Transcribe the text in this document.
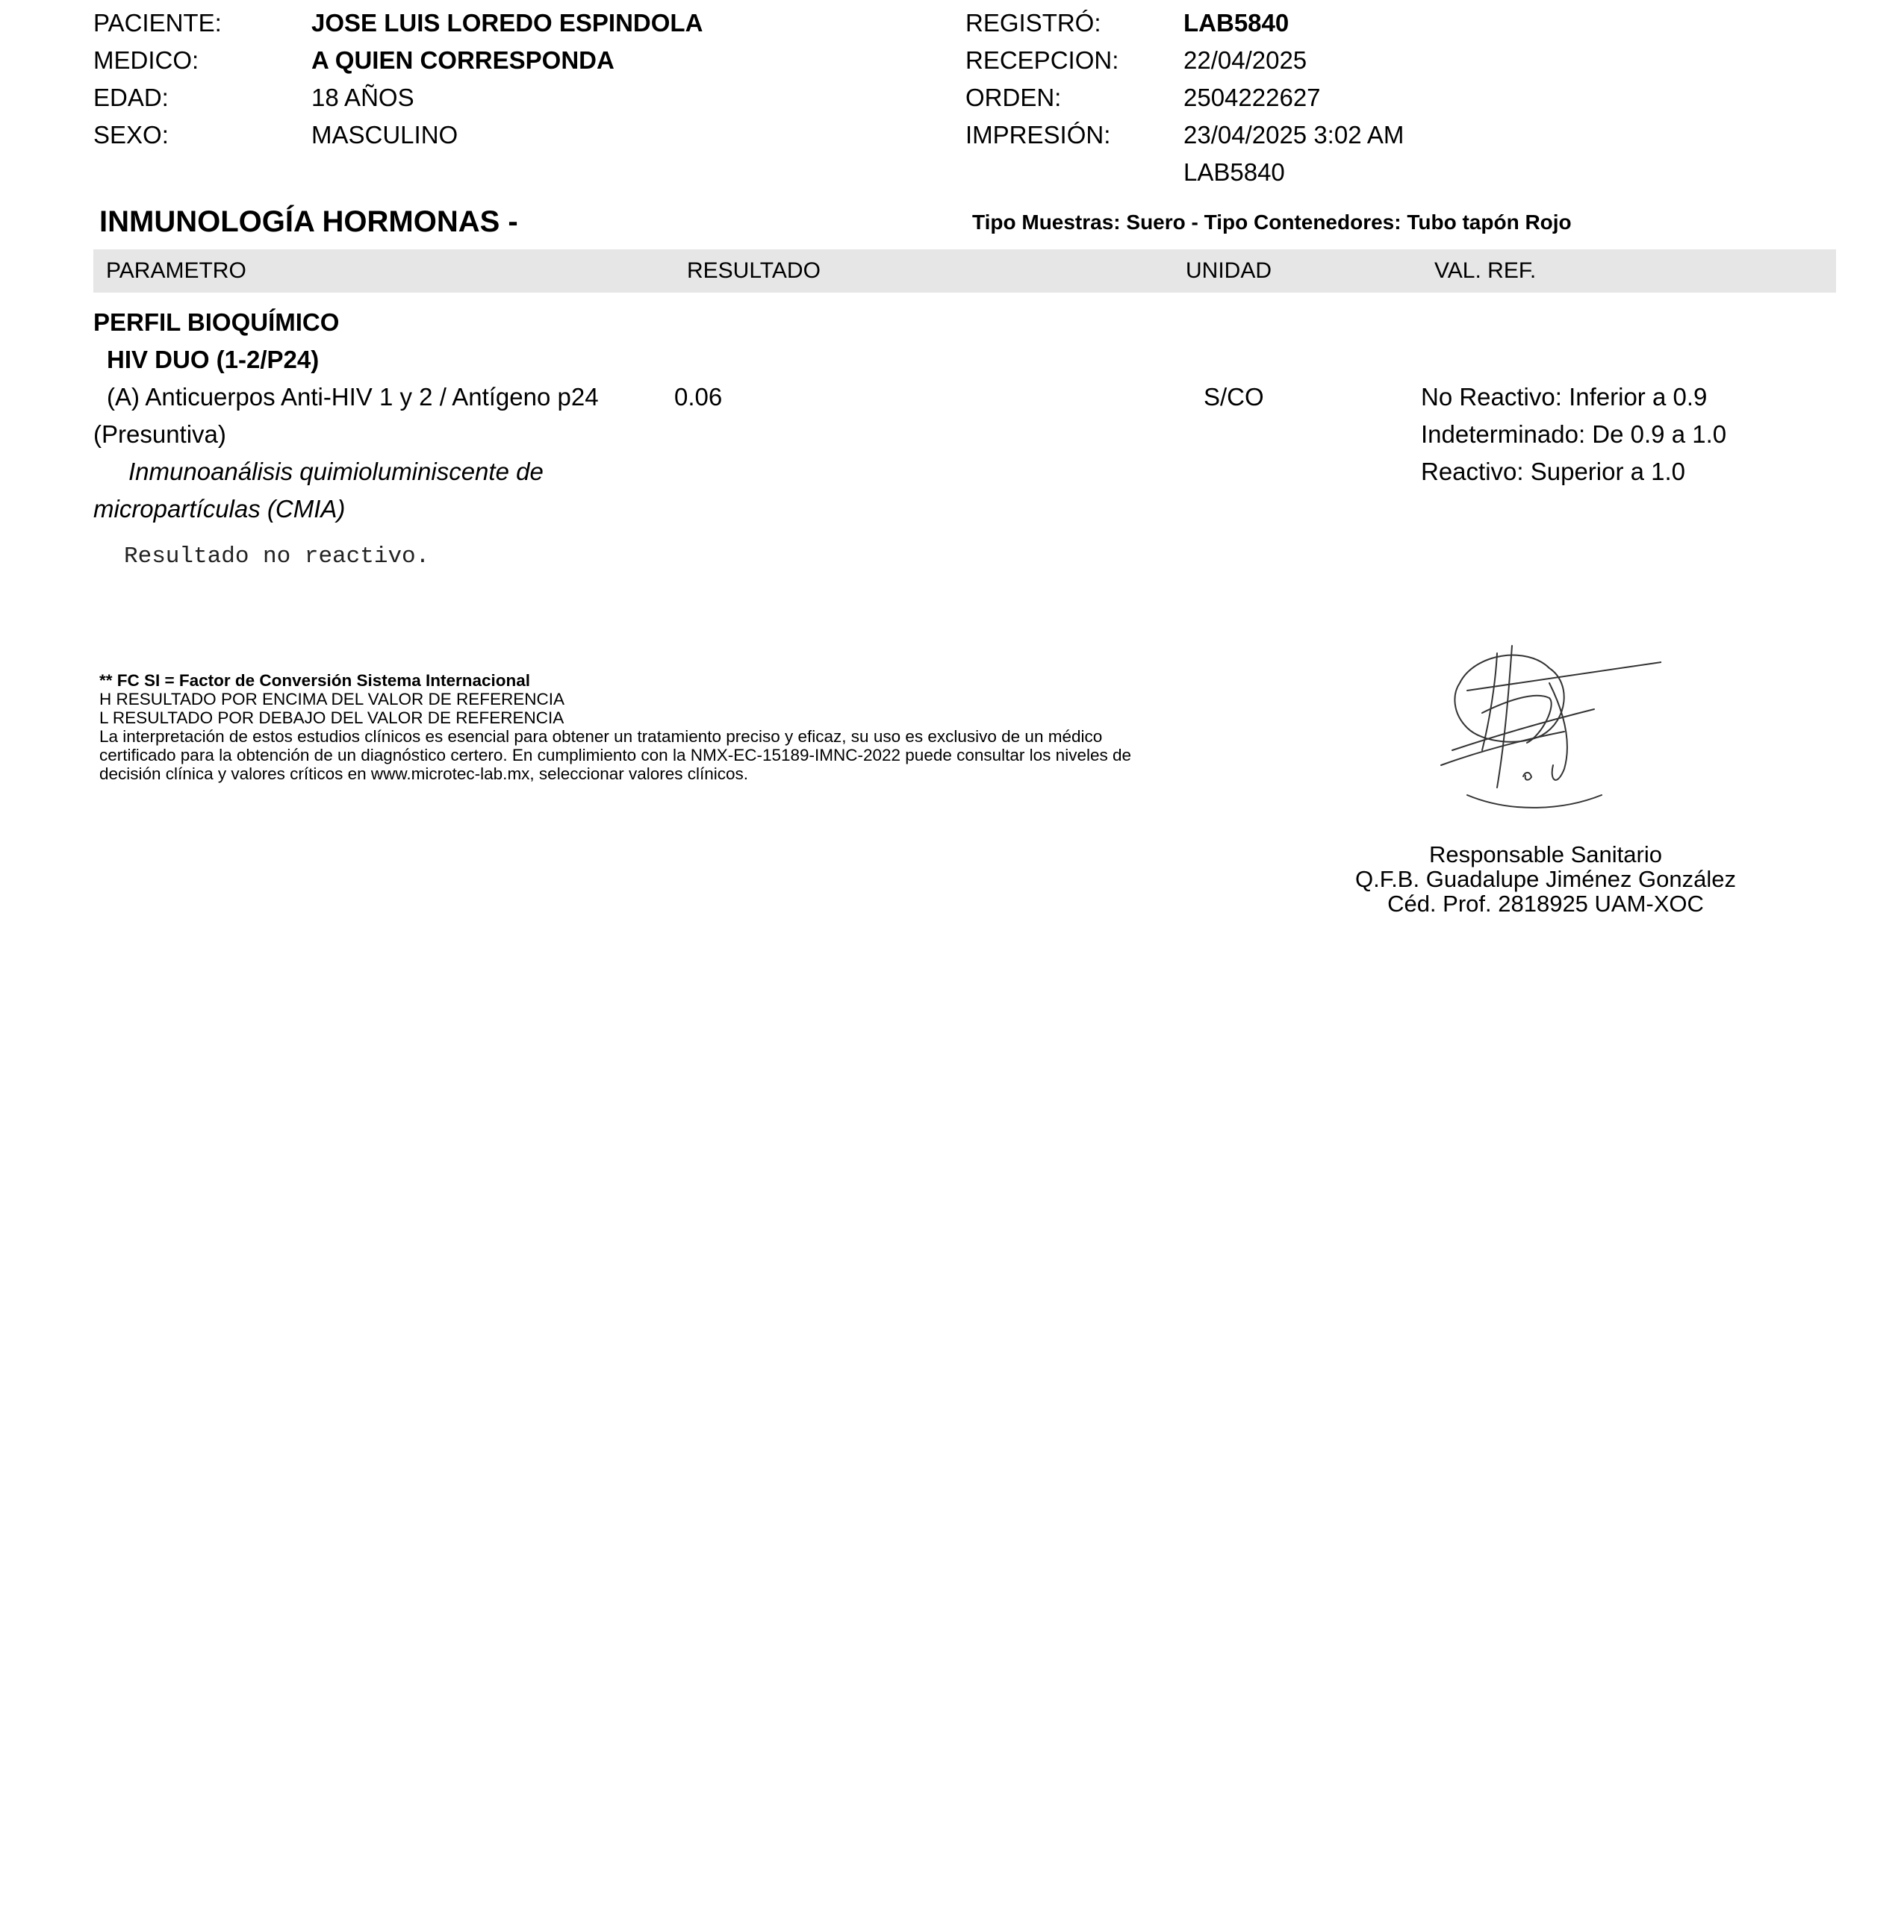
PACIENTE:	JOSE LUIS LOREDO ESPINDOLA
MEDICO:	A QUIEN CORRESPONDA
EDAD:	18 AÑOS
SEXO:	MASCULINO
REGISTRÓ:	LAB5840
RECEPCION:	22/04/2025
ORDEN:	2504222627
IMPRESIÓN:	23/04/2025 3:02 AM
LAB5840
INMUNOLOGÍA HORMONAS -	Tipo Muestras: Suero - Tipo Contenedores: Tubo tapón Rojo
PARAMETRO	RESULTADO	UNIDAD	VAL. REF.
PERFIL BIOQUÍMICO
HIV DUO (1-2/P24)
(A) Anticuerpos Anti-HIV 1 y 2 / Antígeno p24
(Presuntiva)
Inmunoanálisis quimioluminiscente de
micropartículas (CMIA)
0.06	S/CO	No Reactivo: Inferior a 0.9
Indeterminado: De 0.9 a 1.0
Reactivo: Superior a 1.0
Resultado no reactivo.
** FC SI = Factor de Conversión Sistema Internacional
H RESULTADO POR ENCIMA DEL VALOR DE REFERENCIA
L RESULTADO POR DEBAJO DEL VALOR DE REFERENCIA
La interpretación de estos estudios clínicos es esencial para obtener un tratamiento preciso y eficaz, su uso es exclusivo de un médico
certificado para la obtención de un diagnóstico certero. En cumplimiento con la NMX-EC-15189-IMNC-2022 puede consultar los niveles de
decisión clínica y valores críticos en www.microtec-lab.mx, seleccionar valores clínicos.
Responsable Sanitario
Q.F.B. Guadalupe Jiménez González
Céd. Prof. 2818925 UAM-XOC
